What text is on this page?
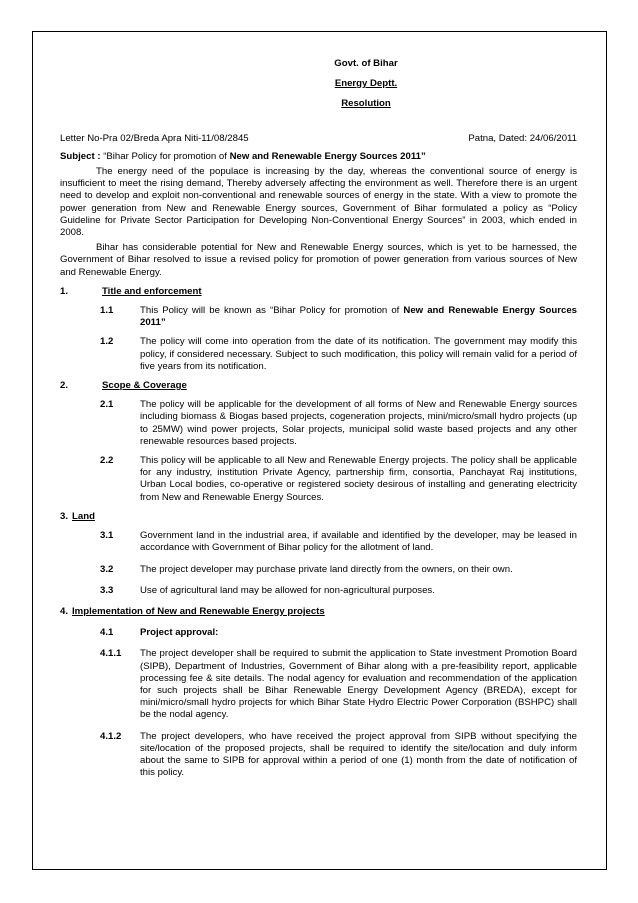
Govt. of Bihar
Energy Deptt.
Resolution
Letter No-Pra 02/Breda Apra Niti-11/08/2845	Patna, Dated: 24/06/2011
Subject : “Bihar Policy for promotion of New and Renewable Energy Sources 2011”

The energy need of the populace is increasing by the day, whereas the conventional source of energy is insufficient to meet the rising demand, Thereby adversely affecting the environment as well. Therefore there is an urgent need to develop and exploit non-conventional and renewable sources of energy in the state. With a view to promote the power generation from New and Renewable Energy sources, Government of Bihar formulated a policy as “Policy Guideline for Private Sector Participation for Developing Non-Conventional Energy Sources” in 2003, which ended in 2008.

Bihar has considerable potential for New and Renewable Energy sources, which is yet to be harnessed, the Government of Bihar resolved to issue a revised policy for promotion of power generation from various sources of New and Renewable Energy.

1.	Title and enforcement
1.1	This Policy will be known as “Bihar Policy for promotion of New and Renewable Energy Sources 2011”
1.2	The policy will come into operation from the date of its notification. The government may modify this policy, if considered necessary. Subject to such modification, this policy will remain valid for a period of five years from its notification.
2.	Scope & Coverage
2.1	The policy will be applicable for the development of all forms of New and Renewable Energy sources including biomass & Biogas based projects, cogeneration projects, mini/micro/small hydro projects (up to 25MW) wind power projects, Solar projects, municipal solid waste based projects and any other renewable resources based projects.
2.2	This policy will be applicable to all New and Renewable Energy projects. The policy shall be applicable for any industry, institution Private Agency, partnership firm, consortia, Panchayat Raj institutions, Urban Local bodies, co-operative or registered society desirous of installing and generating electricity from New and Renewable Energy Sources.
3. Land
3.1	Government land in the industrial area, if available and identified by the developer, may be leased in accordance with Government of Bihar policy for the allotment of land.
3.2	The project developer may purchase private land directly from the owners, on their own.
3.3	Use of agricultural land may be allowed for non-agricultural purposes.
4. Implementation of New and Renewable Energy projects
4.1	Project approval:
4.1.1	The project developer shall be required to submit the application to State investment Promotion Board (SIPB), Department of Industries, Government of Bihar along with a pre-feasibility report, applicable processing fee & site details. The nodal agency for evaluation and recommendation of the application for such projects shall be Bihar Renewable Energy Development Agency (BREDA), except for mini/micro/small hydro projects for which Bihar State Hydro Electric Power Corporation (BSHPC) shall be the nodal agency.
4.1.2	The project developers, who have received the project approval from SIPB without specifying the site/location of the proposed projects, shall be required to identify the site/location and duly inform about the same to SIPB for approval within a period of one (1) month from the date of notification of this policy.
